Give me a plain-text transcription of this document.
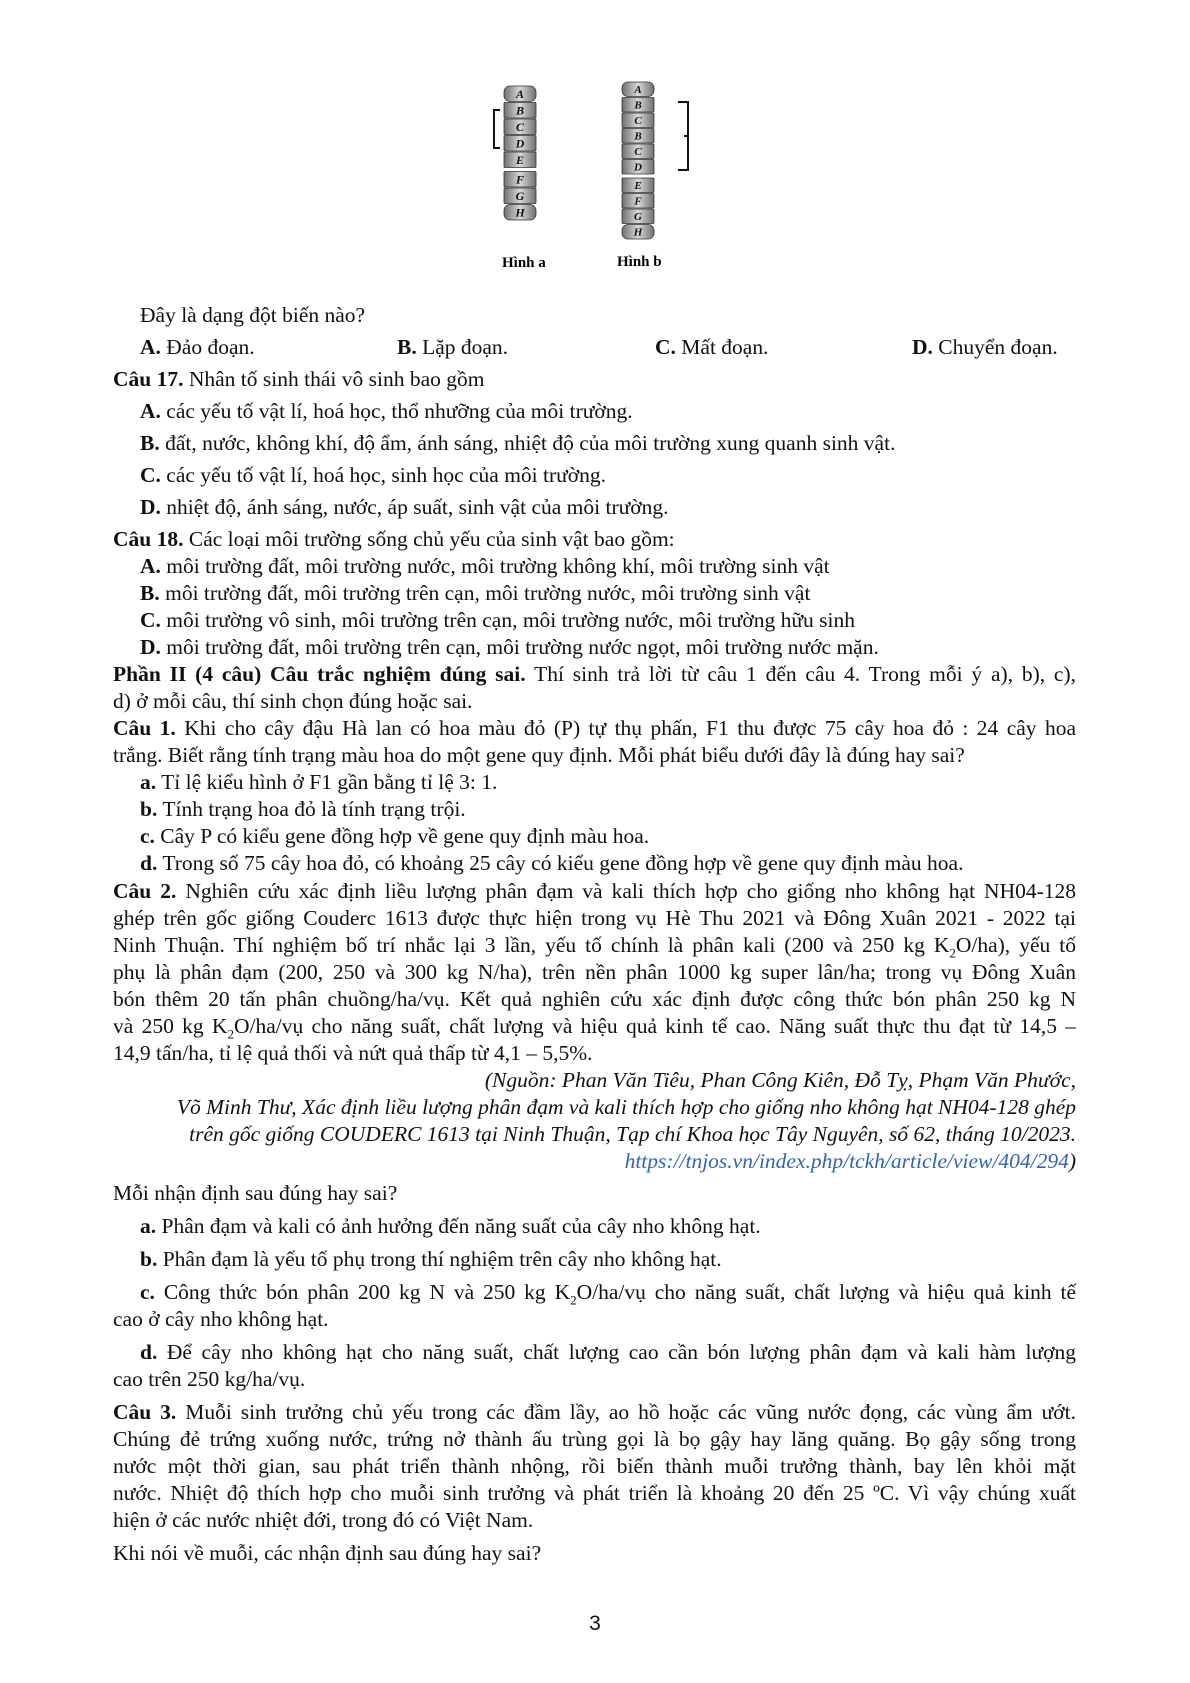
A
B
C
D
E
F
G
H
A
B
C
B
C
D
E
F
G
H
Hình a	Hình b
Đây là dạng đột biến nào?
A. Đảo đoạn.	B. Lặp đoạn.	C. Mất đoạn.	D. Chuyển đoạn.
Câu 17. Nhân tố sinh thái vô sinh bao gồm
A. các yếu tố vật lí, hoá học, thổ nhưỡng của môi trường.
B. đất, nước, không khí, độ ẩm, ánh sáng, nhiệt độ của môi trường xung quanh sinh vật.
C. các yếu tố vật lí, hoá học, sinh học của môi trường.
D. nhiệt độ, ánh sáng, nước, áp suất, sinh vật của môi trường.
Câu 18. Các loại môi trường sống chủ yếu của sinh vật bao gồm:
A. môi trường đất, môi trường nước, môi trường không khí, môi trường sinh vật
B. môi trường đất, môi trường trên cạn, môi trường nước, môi trường sinh vật
C. môi trường vô sinh, môi trường trên cạn, môi trường nước, môi trường hữu sinh
D. môi trường đất, môi trường trên cạn, môi trường nước ngọt, môi trường nước mặn.
Phần II (4 câu) Câu trắc nghiệm đúng sai. Thí sinh trả lời từ câu 1 đến câu 4. Trong mỗi ý a), b), c),
d) ở mỗi câu, thí sinh chọn đúng hoặc sai.
Câu 1. Khi cho cây đậu Hà lan có hoa màu đỏ (P) tự thụ phấn, F1 thu được 75 cây hoa đỏ : 24 cây hoa
trắng. Biết rằng tính trạng màu hoa do một gene quy định. Mỗi phát biểu dưới đây là đúng hay sai?
a. Tỉ lệ kiểu hình ở F1 gần bằng tỉ lệ 3: 1.
b. Tính trạng hoa đỏ là tính trạng trội.
c. Cây P có kiểu gene đồng hợp về gene quy định màu hoa.
d. Trong số 75 cây hoa đỏ, có khoảng 25 cây có kiểu gene đồng hợp về gene quy định màu hoa.
Câu 2. Nghiên cứu xác định liều lượng phân đạm và kali thích hợp cho giống nho không hạt NH04-128
ghép trên gốc giống Couderc 1613 được thực hiện trong vụ Hè Thu 2021 và Đông Xuân 2021 - 2022 tại
Ninh Thuận. Thí nghiệm bố trí nhắc lại 3 lần, yếu tố chính là phân kali (200 và 250 kg $K_2O/ha$), yếu tố
phụ là phân đạm (200, 250 và 300 kg N/ha), trên nền phân 1000 kg super lân/ha; trong vụ Đông Xuân
bón thêm 20 tấn phân chuồng/ha/vụ. Kết quả nghiên cứu xác định được công thức bón phân 250 kg N
và 250 kg $K_2O/ha/vụ$ cho năng suất, chất lượng và hiệu quả kinh tế cao. Năng suất thực thu đạt từ 14,5 –
14,9 tấn/ha, tỉ lệ quả thối và nứt quả thấp từ 4,1 – 5,5%.
(Nguồn: Phan Văn Tiêu, Phan Công Kiên, Đỗ Tỵ, Phạm Văn Phước,
Võ Minh Thư, Xác định liều lượng phân đạm và kali thích hợp cho giống nho không hạt NH04-128 ghép
trên gốc giống COUDERC 1613 tại Ninh Thuận, Tạp chí Khoa học Tây Nguyên, số 62, tháng 10/2023.
https://tnjos.vn/index.php/tckh/article/view/404/294)
Mỗi nhận định sau đúng hay sai?
a. Phân đạm và kali có ảnh hưởng đến năng suất của cây nho không hạt.
b. Phân đạm là yếu tố phụ trong thí nghiệm trên cây nho không hạt.
c. Công thức bón phân 200 kg N và 250 kg $K_2O/ha/vụ$ cho năng suất, chất lượng và hiệu quả kinh tế
cao ở cây nho không hạt.
d. Để cây nho không hạt cho năng suất, chất lượng cao cần bón lượng phân đạm và kali hàm lượng
cao trên 250 kg/ha/vụ.
Câu 3. Muỗi sinh trưởng chủ yếu trong các đầm lầy, ao hồ hoặc các vũng nước đọng, các vùng ẩm ướt.
Chúng đẻ trứng xuống nước, trứng nở thành ấu trùng gọi là bọ gậy hay lăng quăng. Bọ gậy sống trong
nước một thời gian, sau phát triển thành nhộng, rồi biến thành muỗi trưởng thành, bay lên khỏi mặt
nước. Nhiệt độ thích hợp cho muỗi sinh trưởng và phát triển là khoảng 20 đến 25 ºC. Vì vậy chúng xuất
hiện ở các nước nhiệt đới, trong đó có Việt Nam.
Khi nói về muỗi, các nhận định sau đúng hay sai?
3
